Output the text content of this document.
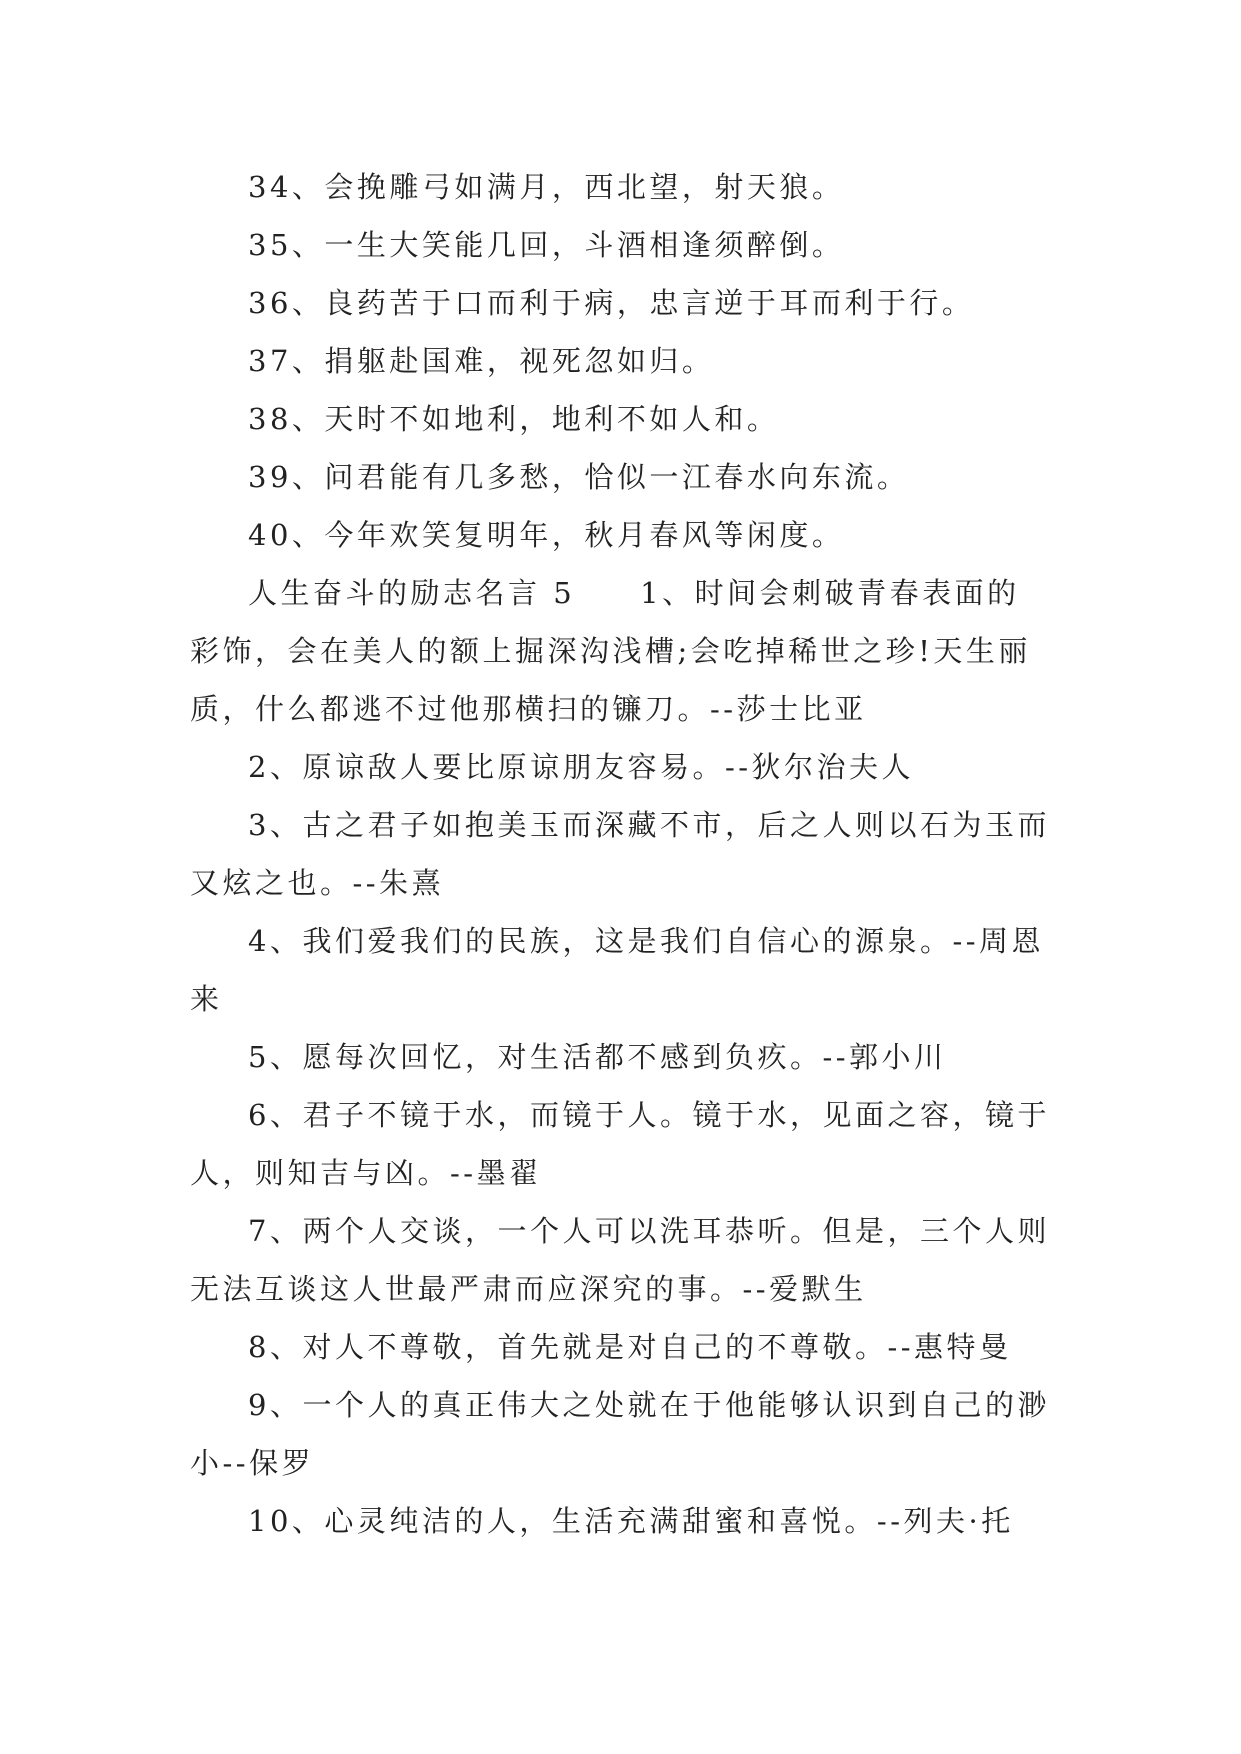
34、会挽雕弓如满月，西北望，射天狼。

35、一生大笑能几回，斗酒相逢须醉倒。

36、良药苦于口而利于病，忠言逆于耳而利于行。

37、捐躯赴国难，视死忽如归。

38、天时不如地利，地利不如人和。

39、问君能有几多愁，恰似一江春水向东流。

40、今年欢笑复明年，秋月春风等闲度。

人生奋斗的励志名言 5　　1、时间会刺破青春表面的彩饰，会在美人的额上掘深沟浅槽;会吃掉稀世之珍!天生丽质，什么都逃不过他那横扫的镰刀。--莎士比亚

2、原谅敌人要比原谅朋友容易。--狄尔治夫人

3、古之君子如抱美玉而深藏不市，后之人则以石为玉而又炫之也。--朱熹

4、我们爱我们的民族，这是我们自信心的源泉。--周恩来

5、愿每次回忆，对生活都不感到负疚。--郭小川

6、君子不镜于水，而镜于人。镜于水，见面之容，镜于人，则知吉与凶。--墨翟

7、两个人交谈，一个人可以洗耳恭听。但是，三个人则无法互谈这人世最严肃而应深究的事。--爱默生

8、对人不尊敬，首先就是对自己的不尊敬。--惠特曼

9、一个人的真正伟大之处就在于他能够认识到自己的渺小--保罗

10、心灵纯洁的人，生活充满甜蜜和喜悦。--列夫·托
